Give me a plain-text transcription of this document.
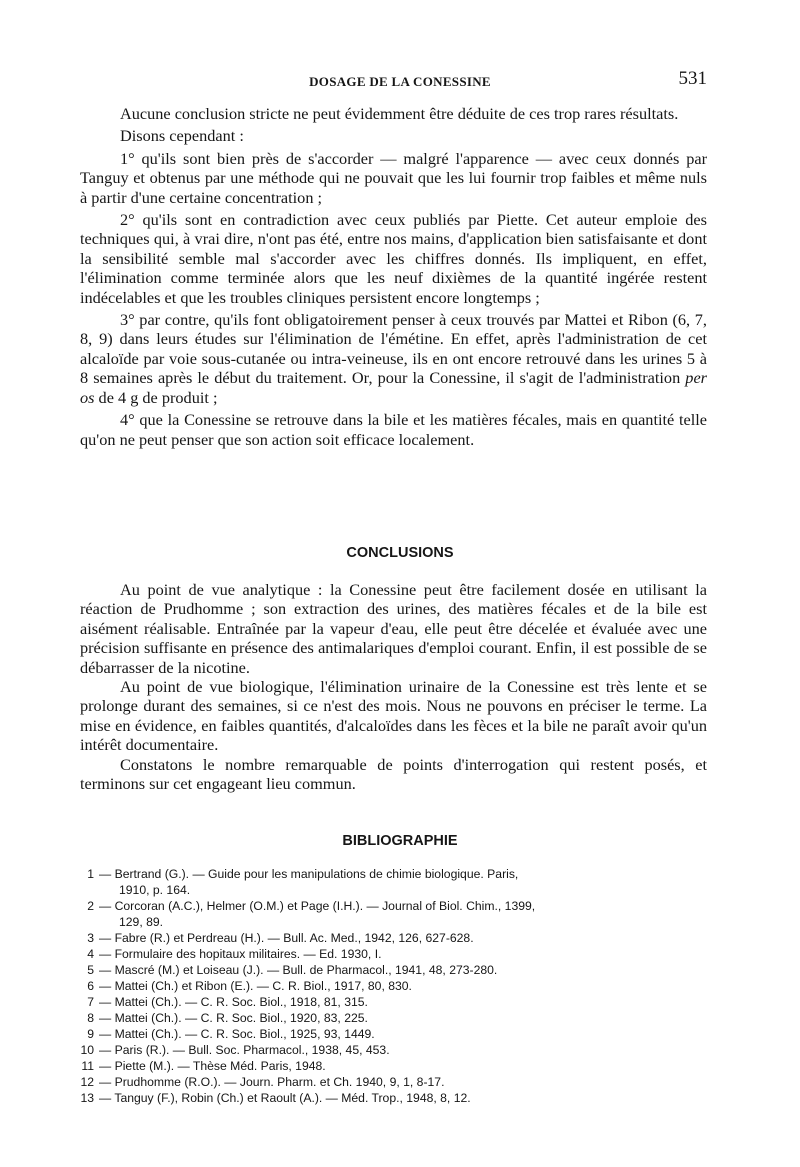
DOSAGE DE LA CONESSINE	531

Aucune conclusion stricte ne peut évidemment être déduite de ces trop rares résultats.

Disons cependant :

1° qu'ils sont bien près de s'accorder — malgré l'apparence — avec ceux donnés par Tanguy et obtenus par une méthode qui ne pouvait que les lui fournir trop faibles et même nuls à partir d'une certaine concentration ;

2° qu'ils sont en contradiction avec ceux publiés par Piette. Cet auteur emploie des techniques qui, à vrai dire, n'ont pas été, entre nos mains, d'application bien satisfaisante et dont la sensibilité semble mal s'accorder avec les chiffres donnés. Ils impliquent, en effet, l'élimination comme terminée alors que les neuf dixièmes de la quantité ingérée restent indécelables et que les troubles cliniques persistent encore longtemps ;

3° par contre, qu'ils font obligatoirement penser à ceux trouvés par Mattei et Ribon (6, 7, 8, 9) dans leurs études sur l'élimination de l'émétine. En effet, après l'administration de cet alcaloïde par voie sous-cutanée ou intra-veineuse, ils en ont encore retrouvé dans les urines 5 à 8 semaines après le début du traitement. Or, pour la Conessine, il s'agit de l'administration per os de 4 g de produit ;

4° que la Conessine se retrouve dans la bile et les matières fécales, mais en quantité telle qu'on ne peut penser que son action soit efficace localement.

CONCLUSIONS

Au point de vue analytique : la Conessine peut être facilement dosée en utilisant la réaction de Prudhomme ; son extraction des urines, des matières fécales et de la bile est aisément réalisable. Entraînée par la vapeur d'eau, elle peut être décelée et évaluée avec une précision suffisante en présence des antimalariques d'emploi courant. Enfin, il est possible de se débarrasser de la nicotine.

Au point de vue biologique, l'élimination urinaire de la Conessine est très lente et se prolonge durant des semaines, si ce n'est des mois. Nous ne pouvons en préciser le terme. La mise en évidence, en faibles quantités, d'alcaloïdes dans les fèces et la bile ne paraît avoir qu'un intérêt documentaire.

Constatons le nombre remarquable de points d'interrogation qui restent posés, et terminons sur cet engageant lieu commun.

BIBLIOGRAPHIE
1 — Bertrand (G.). — Guide pour les manipulations de chimie biologique. Paris,
1910, p. 164.
2 — Corcoran (A.C.), Helmer (O.M.) et Page (I.H.). — Journal of Biol. Chim., 1399,
129, 89.
3 — Fabre (R.) et Perdreau (H.). — Bull. Ac. Med., 1942, 126, 627-628.
4 — Formulaire des hopitaux militaires. — Ed. 1930, I.
5 — Mascré (M.) et Loiseau (J.). — Bull. de Pharmacol., 1941, 48, 273-280.
6 — Mattei (Ch.) et Ribon (E.). — C. R. Biol., 1917, 80, 830.
7 — Mattei (Ch.). — C. R. Soc. Biol., 1918, 81, 315.
8 — Mattei (Ch.). — C. R. Soc. Biol., 1920, 83, 225.
9 — Mattei (Ch.). — C. R. Soc. Biol., 1925, 93, 1449.
10 — Paris (R.). — Bull. Soc. Pharmacol., 1938, 45, 453.
11 — Piette (M.). — Thèse Méd. Paris, 1948.
12 — Prudhomme (R.O.). — Journ. Pharm. et Ch. 1940, 9, 1, 8-17.
13 — Tanguy (F.), Robin (Ch.) et Raoult (A.). — Méd. Trop., 1948, 8, 12.
